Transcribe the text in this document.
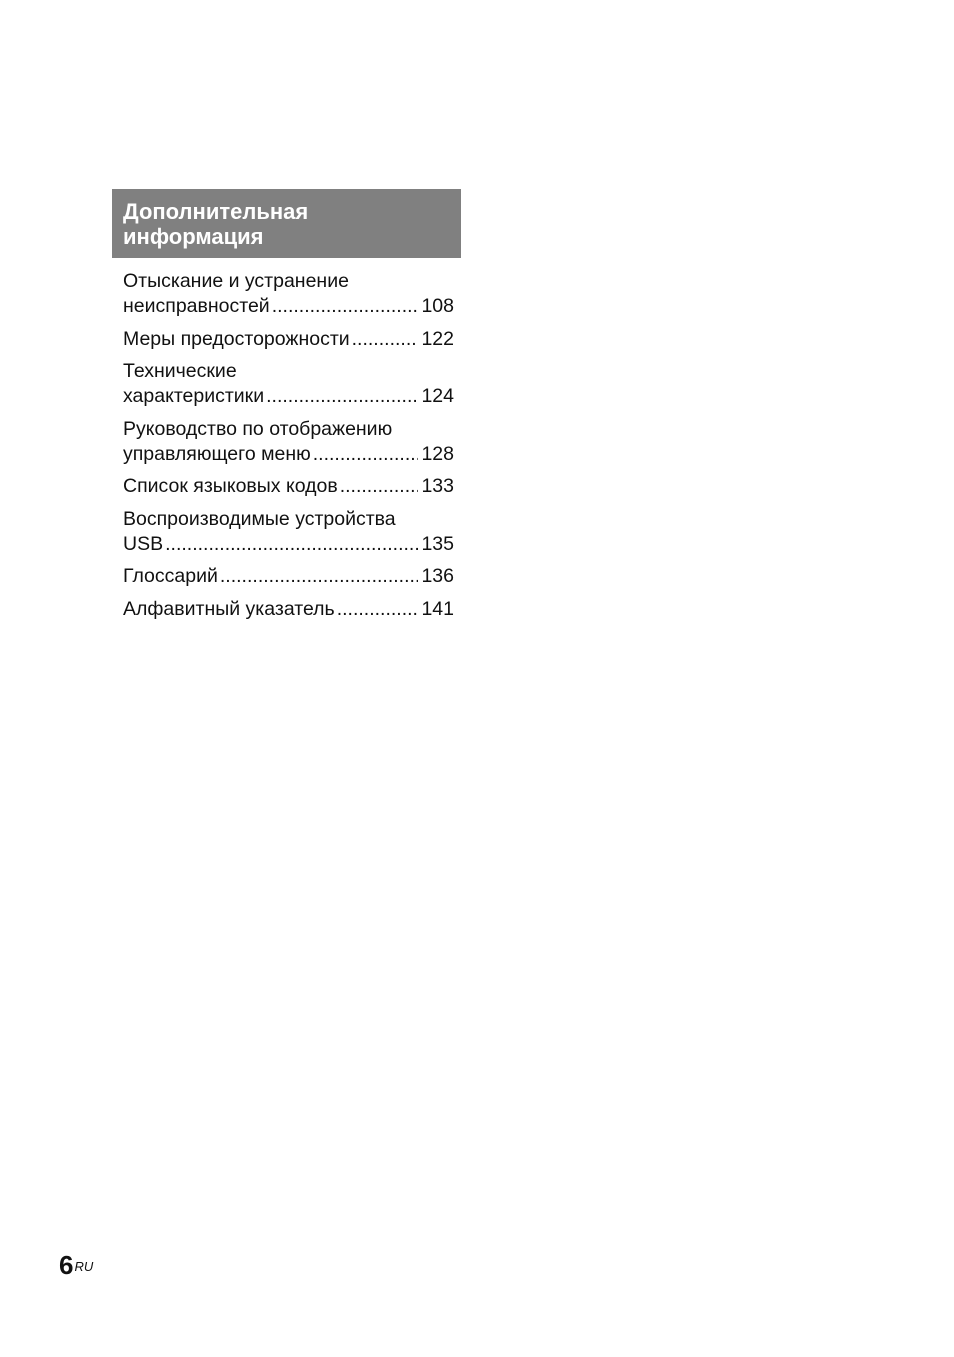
Дополнительная
информация
Отыскание и устранение
неисправностей .....	108
Меры предосторожности .....	122
Технические
характеристики .....	124
Руководство по отображению
управляющего меню .....	128
Список языковых кодов .....	133
Воспроизводимые устройства
USB .....	135
Глоссарий .....	136
Алфавитный указатель .....	141
$6^{RU}$
